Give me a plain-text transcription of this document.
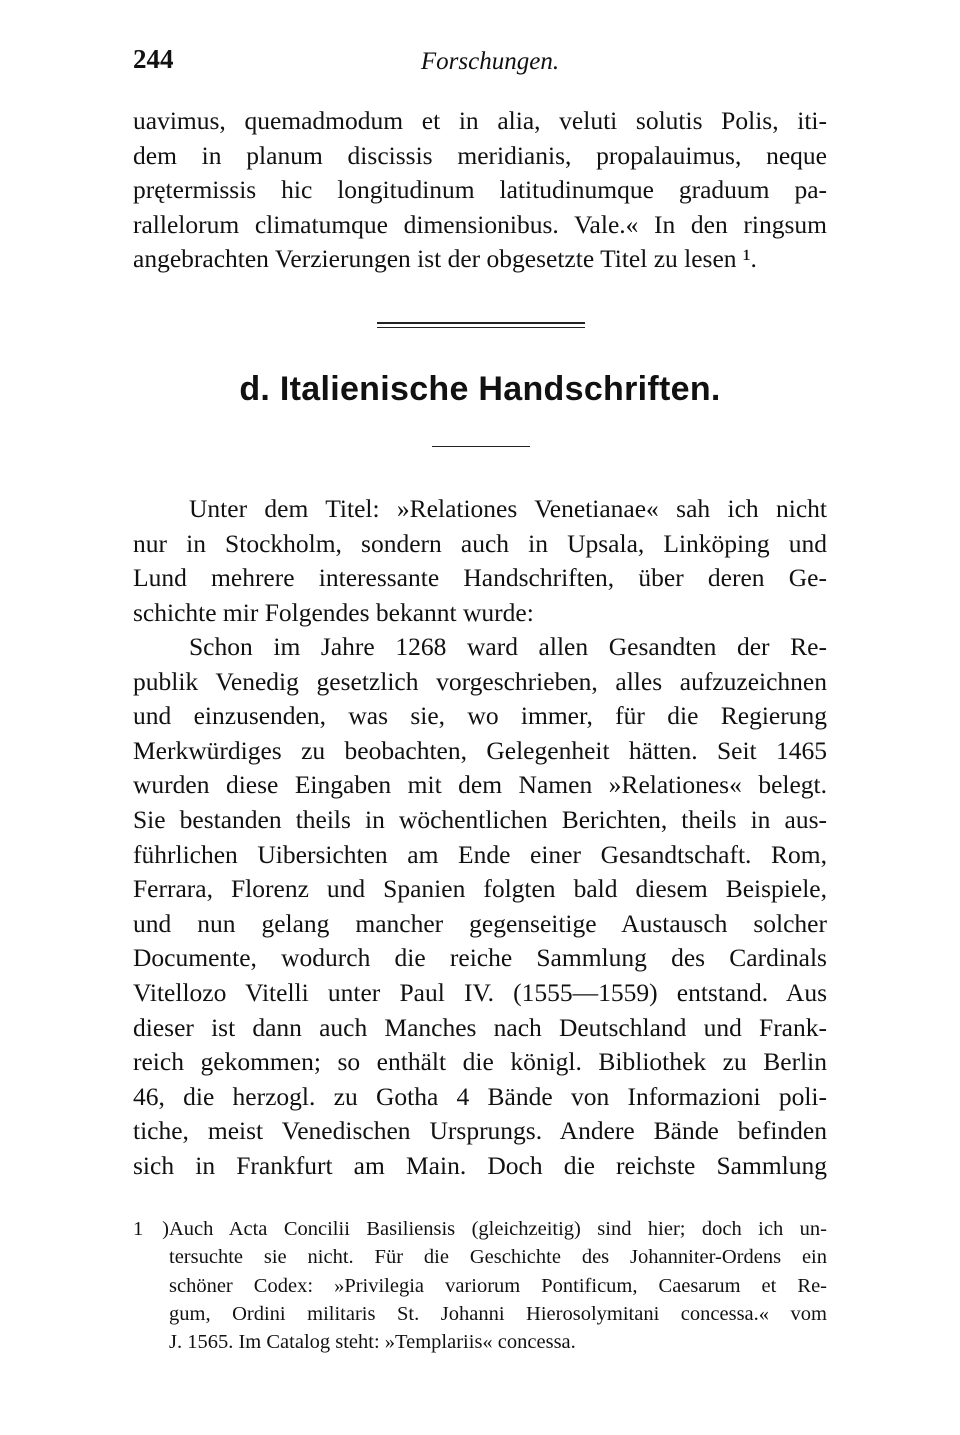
244	Forschungen.
uavimus, quemadmodum et in alia, veluti solutis Polis, iti-
dem in planum discissis meridianis, propalauimus, neque
prętermissis hic longitudinum latitudinumque graduum pa-
rallelorum climatumque dimensionibus. Vale.« In den ringsum
angebrachten Verzierungen ist der obgesetzte Titel zu lesen ¹.
d. Italienische Handschriften.
Unter dem Titel: »Relationes Venetianae« sah ich nicht
nur in Stockholm, sondern auch in Upsala, Linköping und
Lund mehrere interessante Handschriften, über deren Ge-
schichte mir Folgendes bekannt wurde:
Schon im Jahre 1268 ward allen Gesandten der Re-
publik Venedig gesetzlich vorgeschrieben, alles aufzuzeichnen
und einzusenden, was sie, wo immer, für die Regierung
Merkwürdiges zu beobachten, Gelegenheit hätten. Seit 1465
wurden diese Eingaben mit dem Namen »Relationes« belegt.
Sie bestanden theils in wöchentlichen Berichten, theils in aus-
führlichen Uibersichten am Ende einer Gesandtschaft. Rom,
Ferrara, Florenz und Spanien folgten bald diesem Beispiele,
und nun gelang mancher gegenseitige Austausch solcher
Documente, wodurch die reiche Sammlung des Cardinals
Vitellozo Vitelli unter Paul IV. (1555—1559) entstand. Aus
dieser ist dann auch Manches nach Deutschland und Frank-
reich gekommen; so enthält die königl. Bibliothek zu Berlin
46, die herzogl. zu Gotha 4 Bände von Informazioni poli-
tiche, meist Venedischen Ursprungs. Andere Bände befinden
sich in Frankfurt am Main. Doch die reichste Sammlung
1 )Auch Acta Concilii Basiliensis (gleichzeitig) sind hier; doch ich un-
tersuchte sie nicht. Für die Geschichte des Johanniter-Ordens ein
schöner Codex: »Privilegia variorum Pontificum, Caesarum et Re-
gum, Ordini militaris St. Johanni Hierosolymitani concessa.« vom
J. 1565. Im Catalog steht: »Templariis« concessa.
